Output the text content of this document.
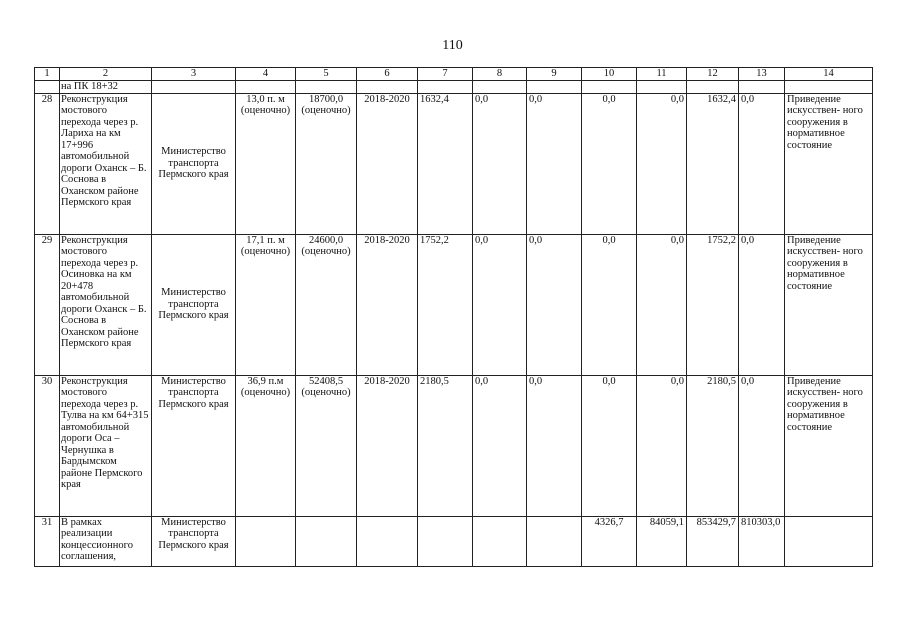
110
1	2	3	4	5	6	7	8	9	10	11	12	13	14
	на ПК 18+32												
28	Реконструкция мостового перехода через р. Лариха на км 17+996 автомобильной дороги Оханск – Б. Соснова в Оханском районе Пермского края	Министерство транспорта Пермского края	13,0 п. м (оценочно)	18700,0 (оценочно)	2018-2020	1632,4	0,0	0,0	0,0	0,0	1632,4	0,0	Приведение искусствен- ного сооружения в нормативное состояние
29	Реконструкция мостового перехода через р. Осиновка на км 20+478 автомобильной дороги Оханск – Б. Соснова в Оханском районе Пермского края	Министерство транспорта Пермского края	17,1 п. м (оценочно)	24600,0 (оценочно)	2018-2020	1752,2	0,0	0,0	0,0	0,0	1752,2	0,0	Приведение искусствен- ного сооружения в нормативное состояние
30	Реконструкция мостового перехода через р. Тулва на км 64+315 автомобильной дороги Оса – Чернушка в Бардымском районе Пермского края	Министерство транспорта Пермского края	36,9 п.м (оценочно)	52408,5 (оценочно)	2018-2020	2180,5	0,0	0,0	0,0	0,0	2180,5	0,0	Приведение искусствен- ного сооружения в нормативное состояние
31	В рамках реализации концессионного соглашения,	Министерство транспорта Пермского края							4326,7	84059,1	853429,7	810303,0	
